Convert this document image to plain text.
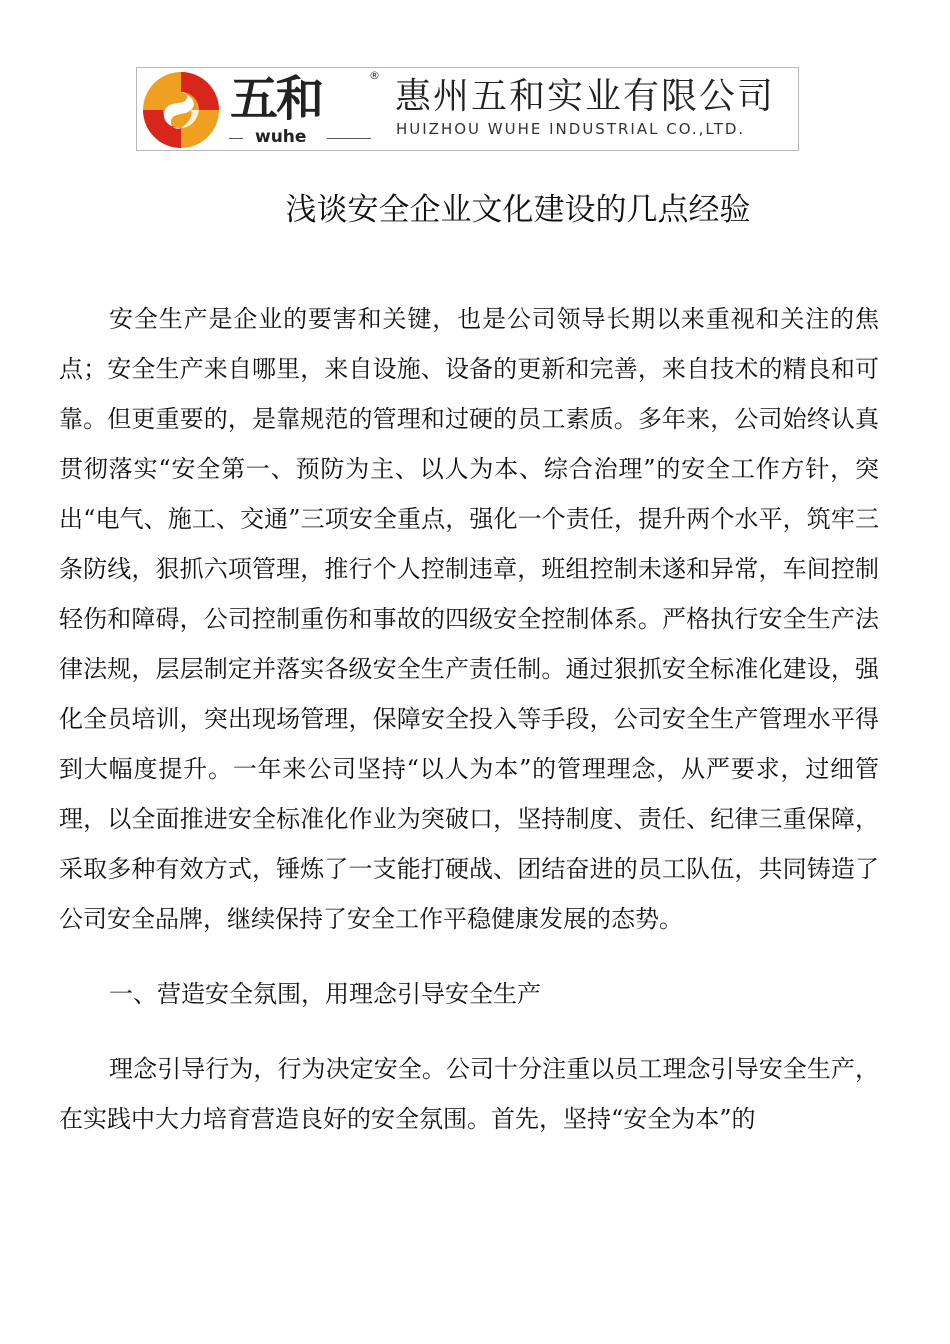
五和	®
wuhe
惠州五和实业有限公司
HUIZHOU WUHE INDUSTRIAL CO.,LTD.
浅谈安全企业文化建设的几点经验

安全生产是企业的要害和关键，也是公司领导长期以来重视和关注的焦点；安全生产来自哪里，来自设施、设备的更新和完善，来自技术的精良和可靠。但更重要的，是靠规范的管理和过硬的员工素质。多年来，公司始终认真贯彻落实“安全第一、预防为主、以人为本、综合治理”的安全工作方针，突出“电气、施工、交通”三项安全重点，强化一个责任，提升两个水平，筑牢三条防线，狠抓六项管理，推行个人控制违章，班组控制未遂和异常，车间控制轻伤和障碍，公司控制重伤和事故的四级安全控制体系。严格执行安全生产法律法规，层层制定并落实各级安全生产责任制。通过狠抓安全标准化建设，强化全员培训，突出现场管理，保障安全投入等手段，公司安全生产管理水平得到大幅度提升。一年来公司坚持“以人为本”的管理理念，从严要求，过细管理，以全面推进安全标准化作业为突破口，坚持制度、责任、纪律三重保障，采取多种有效方式，锤炼了一支能打硬战、团结奋进的员工队伍，共同铸造了公司安全品牌，继续保持了安全工作平稳健康发展的态势。

一、营造安全氛围，用理念引导安全生产

理念引导行为，行为决定安全。公司十分注重以员工理念引导安全生产，在实践中大力培育营造良好的安全氛围。首先，坚持“安全为本”的
